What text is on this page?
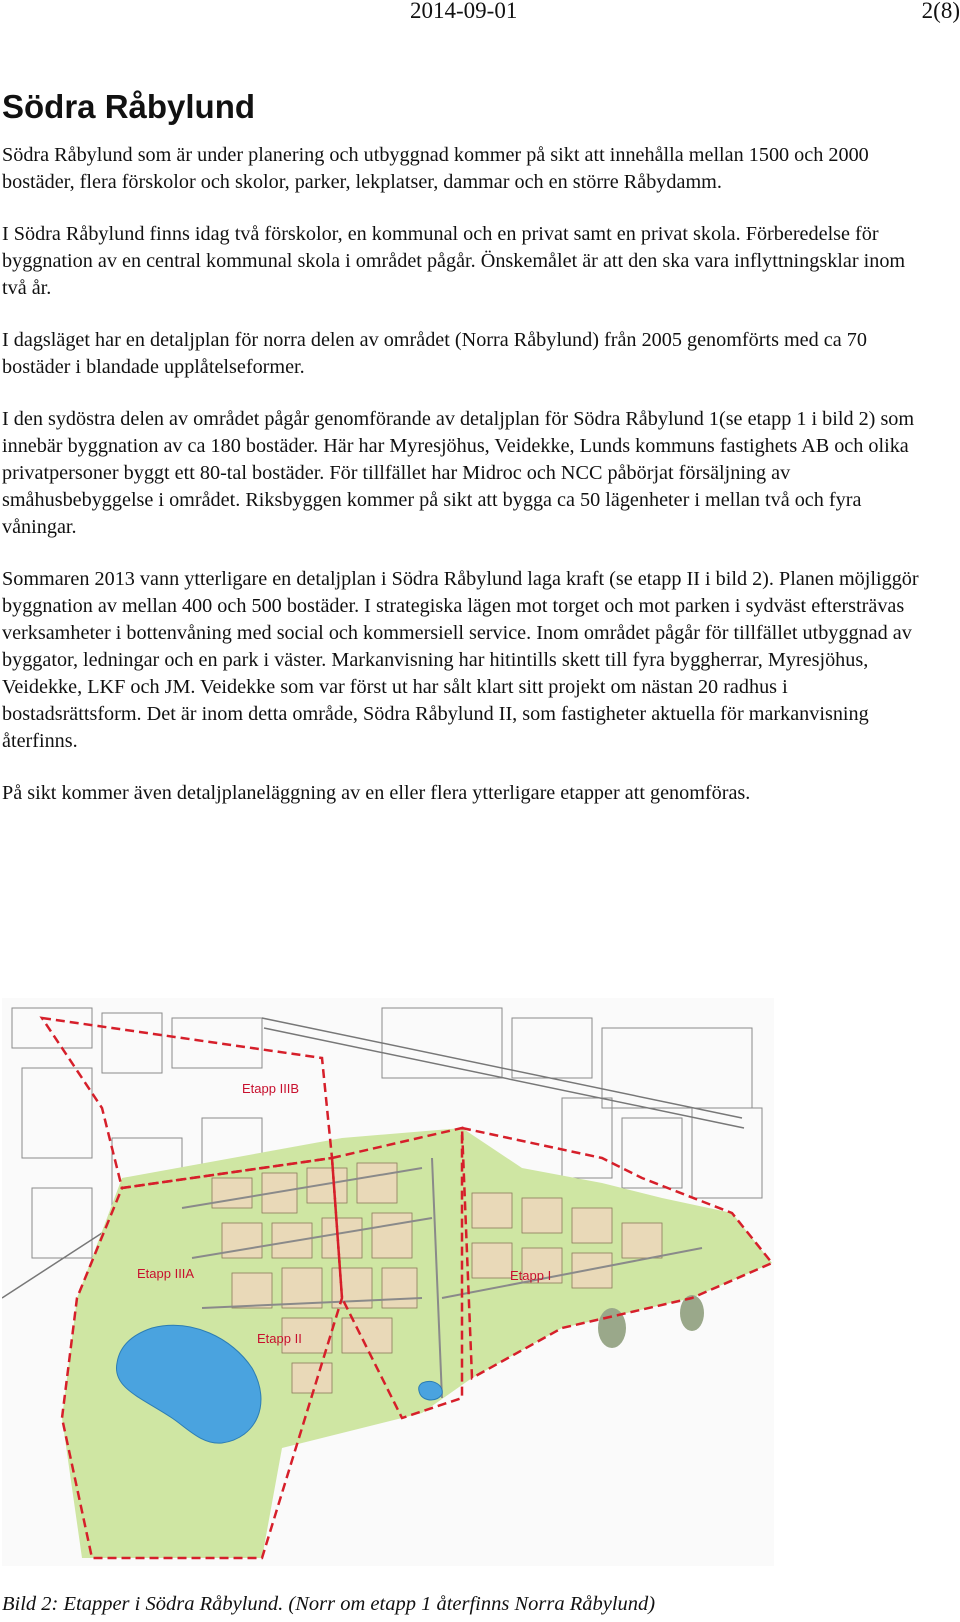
2014-09-01	2(8)
Södra Råbylund

Södra Råbylund som är under planering och utbyggnad kommer på sikt att innehålla mellan 1500 och 2000 bostäder, flera förskolor och skolor, parker, lekplatser, dammar och en större Råbydamm.

I Södra Råbylund finns idag två förskolor, en kommunal och en privat samt en privat skola. Förberedelse för byggnation av en central kommunal skola i området pågår. Önskemålet är att den ska vara inflyttningsklar inom två år.

I dagsläget har en detaljplan för norra delen av området (Norra Råbylund) från 2005 genomförts med ca 70 bostäder i blandade upplåtelseformer.

I den sydöstra delen av området pågår genomförande av detaljplan för Södra Råbylund 1(se etapp 1 i bild 2) som innebär byggnation av ca 180 bostäder. Här har Myresjöhus, Veidekke, Lunds kommuns fastighets AB och olika privatpersoner byggt ett 80-tal bostäder. För tillfället har Midroc och NCC påbörjat försäljning av småhusbebyggelse i området. Riksbyggen kommer på sikt att bygga ca 50 lägenheter i mellan två och fyra våningar.

Sommaren 2013 vann ytterligare en detaljplan i Södra Råbylund laga kraft (se etapp II i bild 2). Planen möjliggör byggnation av mellan 400 och 500 bostäder. I strategiska lägen mot torget och mot parken i sydväst eftersträvas verksamheter i bottenvåning med social och kommersiell service. Inom området pågår för tillfället utbyggnad av byggator, ledningar och en park i väster. Markanvisning har hitintills skett till fyra byggherrar, Myresjöhus, Veidekke, LKF och JM. Veidekke som var först ut har sålt klart sitt projekt om nästan 20 radhus i bostadsrättsform. Det är inom detta område, Södra Råbylund II, som fastigheter aktuella för markanvisning återfinns.

På sikt kommer även detaljplaneläggning av en eller flera ytterligare etapper att genomföras.

Etapp IIIB
Etapp IIIA
Etapp II
Etapp I
Bild 2: Etapper i Södra Råbylund. (Norr om etapp 1 återfinns Norra Råbylund)
